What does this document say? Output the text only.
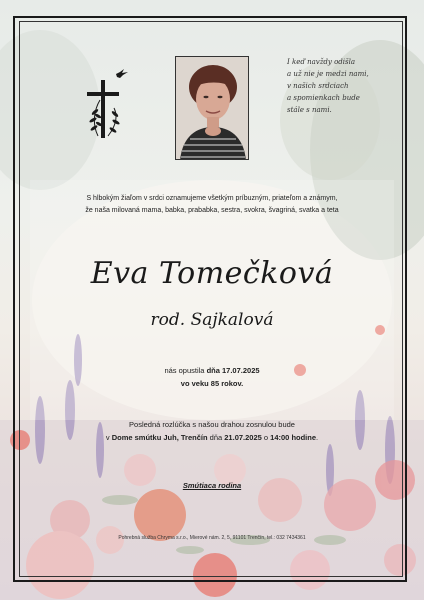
I keď navždy odišla
a už nie je medzi nami,
v našich srdciach
a spomienkach bude
stále s nami.
S hlbokým žiaľom v srdci oznamujeme všetkým príbuzným, priateľom a známym,
že naša milovaná mama, babka, prababka, sestra, svokra, švagriná, svatka a teta
Eva Tomečková
rod. Sajkalová
nás opustila dňa 17.07.2025
vo veku 85 rokov.
Posledná rozlúčka s našou drahou zosnulou bude
v Dome smútku Juh, Trenčín dňa 21.07.2025 o 14:00 hodine.
Smútiaca rodina
Pohrebná služba Chryma s.r.o., Mierové nám. 2, 5, 91101 Trenčín, tel.: 032 7434361
